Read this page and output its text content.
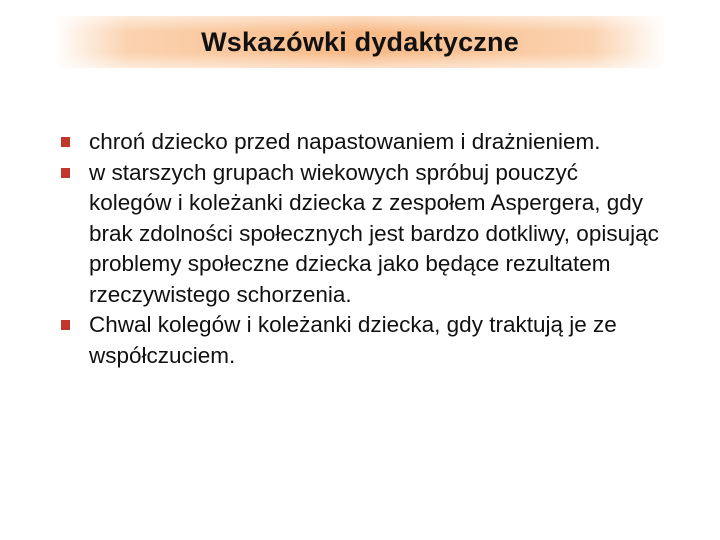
Wskazówki dydaktyczne
chroń dziecko przed napastowaniem i drażnieniem.
w starszych grupach wiekowych spróbuj pouczyć kolegów i koleżanki dziecka z zespołem Aspergera, gdy brak zdolności społecznych jest bardzo dotkliwy, opisując problemy społeczne dziecka jako będące rezultatem rzeczywistego schorzenia.
Chwal kolegów i koleżanki dziecka, gdy traktują je ze współczuciem.
